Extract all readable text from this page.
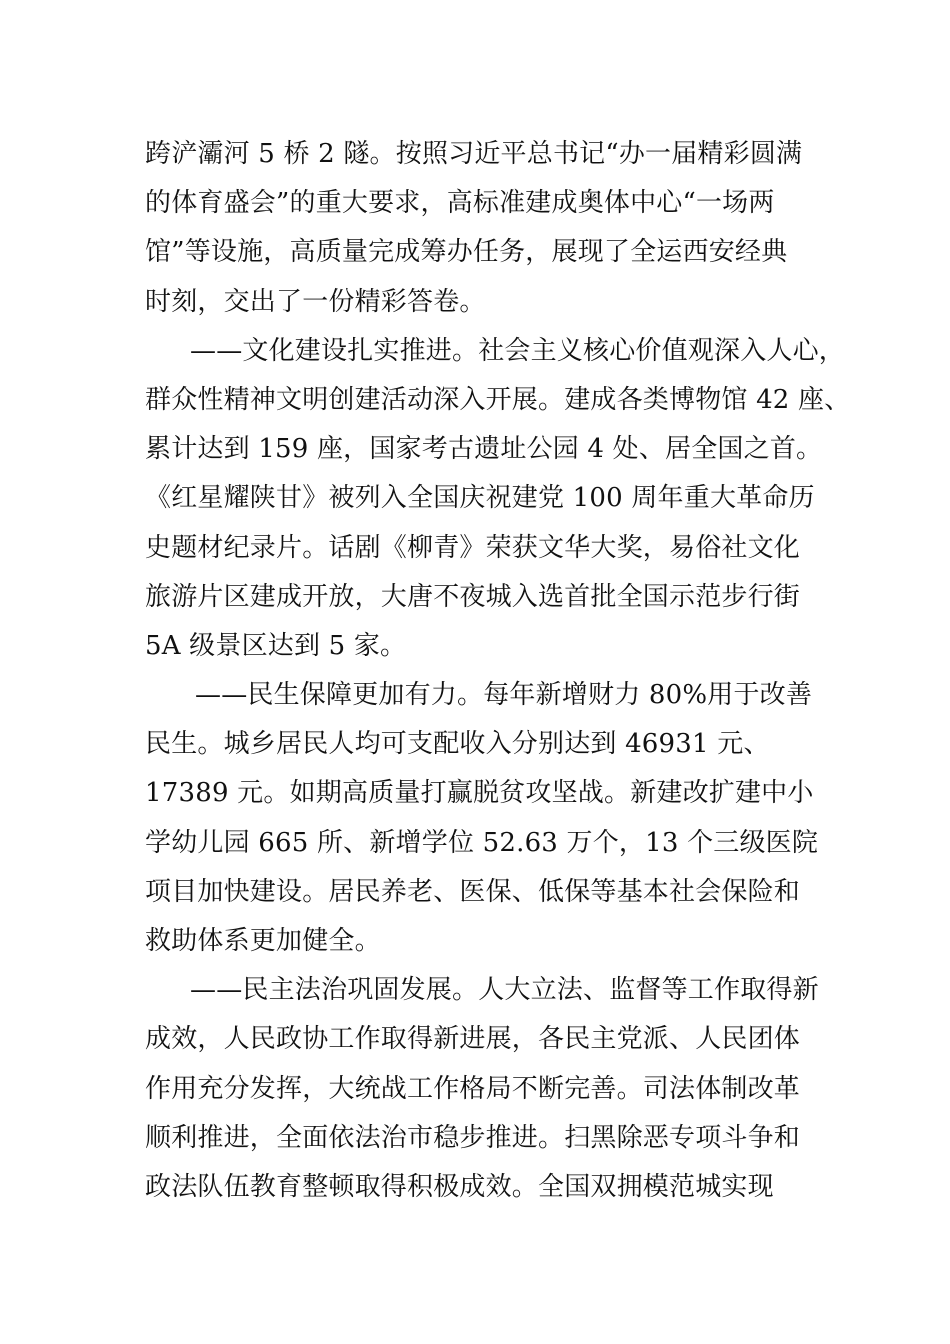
跨浐灞河 5 桥 2 隧。按照习近平总书记“办一届精彩圆满
的体育盛会”的重大要求，高标准建成奥体中心“一场两
馆”等设施，高质量完成筹办任务，展现了全运西安经典
时刻，交出了一份精彩答卷。
——文化建设扎实推进。社会主义核心价值观深入人心，
群众性精神文明创建活动深入开展。建成各类博物馆 42 座、
累计达到 159 座，国家考古遗址公园 4 处、居全国之首。
《红星耀陕甘》被列入全国庆祝建党 100 周年重大革命历
史题材纪录片。话剧《柳青》荣获文华大奖，易俗社文化
旅游片区建成开放，大唐不夜城入选首批全国示范步行街
5A 级景区达到 5 家。
——民生保障更加有力。每年新增财力 80%用于改善
民生。城乡居民人均可支配收入分别达到 46931 元、
17389 元。如期高质量打赢脱贫攻坚战。新建改扩建中小
学幼儿园 665 所、新增学位 52.63 万个，13 个三级医院
项目加快建设。居民养老、医保、低保等基本社会保险和
救助体系更加健全。
——民主法治巩固发展。人大立法、监督等工作取得新
成效，人民政协工作取得新进展，各民主党派、人民团体
作用充分发挥，大统战工作格局不断完善。司法体制改革
顺利推进，全面依法治市稳步推进。扫黑除恶专项斗争和
政法队伍教育整顿取得积极成效。全国双拥模范城实现
